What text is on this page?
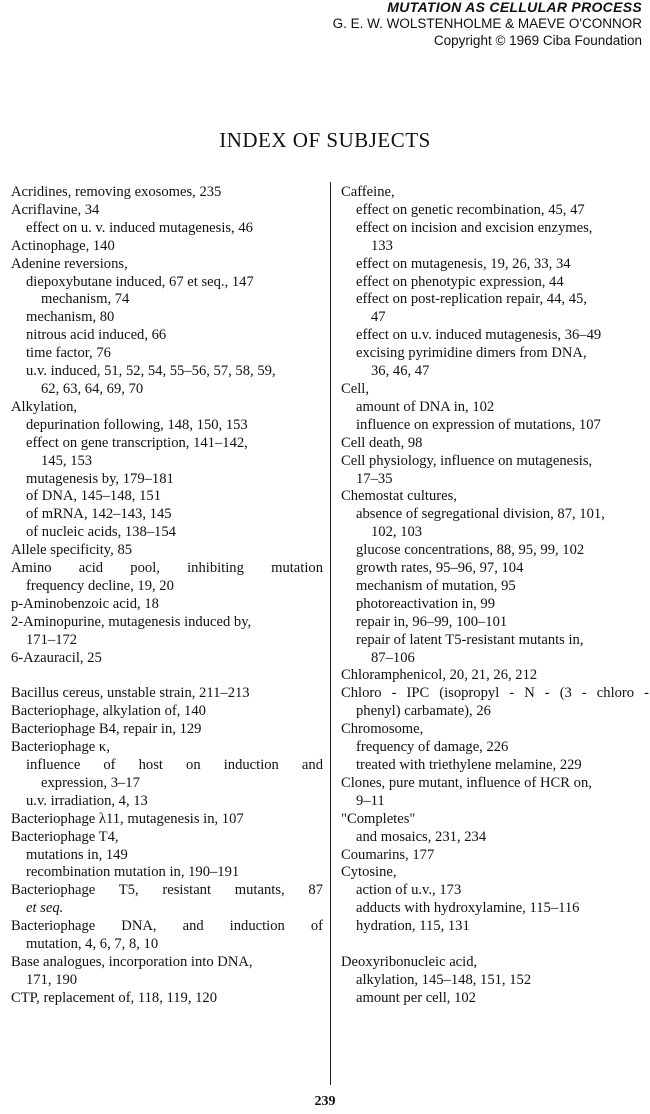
MUTATION AS CELLULAR PROCESS
G. E. W. WOLSTENHOLME & MAEVE O'CONNOR
Copyright © 1969 Ciba Foundation
INDEX OF SUBJECTS
Acridines, removing exosomes, 235
Acriflavine, 34
effect on u. v. induced mutagenesis, 46
Actinophage, 140
Adenine reversions,
diepoxybutane induced, 67 et seq., 147
mechanism, 74
mechanism, 80
nitrous acid induced, 66
time factor, 76
u.v. induced, 51, 52, 54, 55–56, 57, 58, 59,
62, 63, 64, 69, 70
Alkylation,
depurination following, 148, 150, 153
effect on gene transcription, 141–142,
145, 153
mutagenesis by, 179–181
of DNA, 145–148, 151
of mRNA, 142–143, 145
of nucleic acids, 138–154
Allele specificity, 85
Amino acid pool, inhibiting mutation
frequency decline, 19, 20
p-Aminobenzoic acid, 18
2-Aminopurine, mutagenesis induced by,
171–172
6-Azauracil, 25
Bacillus cereus, unstable strain, 211–213
Bacteriophage, alkylation of, 140
Bacteriophage B4, repair in, 129
Bacteriophage κ,
influence of host on induction and
expression, 3–17
u.v. irradiation, 4, 13
Bacteriophage λ11, mutagenesis in, 107
Bacteriophage T4,
mutations in, 149
recombination mutation in, 190–191
Bacteriophage T5, resistant mutants, 87
et seq.
Bacteriophage DNA, and induction of
mutation, 4, 6, 7, 8, 10
Base analogues, incorporation into DNA,
171, 190
CTP, replacement of, 118, 119, 120
Caffeine,
effect on genetic recombination, 45, 47
effect on incision and excision enzymes,
133
effect on mutagenesis, 19, 26, 33, 34
effect on phenotypic expression, 44
effect on post-replication repair, 44, 45,
47
effect on u.v. induced mutagenesis, 36–49
excising pyrimidine dimers from DNA,
36, 46, 47
Cell,
amount of DNA in, 102
influence on expression of mutations, 107
Cell death, 98
Cell physiology, influence on mutagenesis,
17–35
Chemostat cultures,
absence of segregational division, 87, 101,
102, 103
glucose concentrations, 88, 95, 99, 102
growth rates, 95–96, 97, 104
mechanism of mutation, 95
photoreactivation in, 99
repair in, 96–99, 100–101
repair of latent T5-resistant mutants in,
87–106
Chloramphenicol, 20, 21, 26, 212
Chloro - IPC (isopropyl - N - (3 - chloro -
phenyl) carbamate), 26
Chromosome,
frequency of damage, 226
treated with triethylene melamine, 229
Clones, pure mutant, influence of HCR on,
9–11
"Completes"
and mosaics, 231, 234
Coumarins, 177
Cytosine,
action of u.v., 173
adducts with hydroxylamine, 115–116
hydration, 115, 131
Deoxyribonucleic acid,
alkylation, 145–148, 151, 152
amount per cell, 102
239
